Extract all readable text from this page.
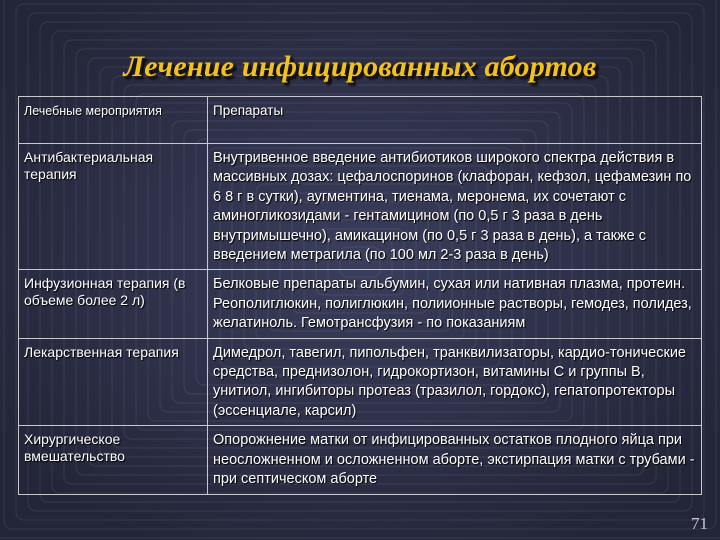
Лечение инфицированных абортов
Лечебные мероприятия	Препараты
Антибактериальная терапия	Внутривенное введение антибиотиков широкого спектра действия в массивных дозах: цефалоспоринов (клафоран, кефзол, цефамезин по 6 8 г в сутки), аугментина, тиенама, меронема, их сочетают с аминогликозидами - гентамицином (по 0,5 г 3 раза в день внутримышечно), амикацином (по 0,5 г 3 раза в день), а также с введением метрагила (по 100 мл 2-3 раза в день)
Инфузионная терапия (в объеме более 2 л)	Белковые препараты альбумин, сухая или нативная плазма, протеин. Реополиглюкин, полиглюкин, полиионные растворы, гемодез, полидез, желатиноль. Гемотрансфузия - по показаниям
Лекарственная терапия	Димедрол, тавегил, пипольфен, транквилизаторы, кардио-тонические средства, преднизолон, гидрокортизон, витамины С и группы В, унитиол, ингибиторы протеаз (тразилол, гордокс), гепатопротекторы (эссенциале, карсил)
Хирургическое вмешательство	Опорожнение матки от инфицированных остатков плодного яйца при неосложненном и осложненном аборте, экстирпация матки с трубами - при септическом аборте
71
